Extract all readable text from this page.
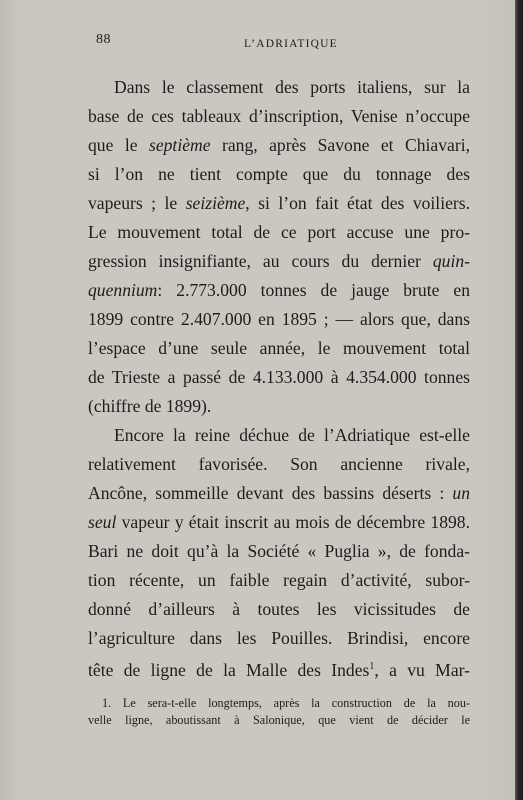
88	L’ADRIATIQUE
Dans le classement des ports italiens, sur la
base de ces tableaux d’inscription, Venise n’occupe
que le septième rang, après Savone et Chiavari,
si l’on ne tient compte que du tonnage des
vapeurs ; le seizième, si l’on fait état des voiliers.
Le mouvement total de ce port accuse une pro-
gression insignifiante, au cours du dernier quin-
quennium: 2.773.000 tonnes de jauge brute en
1899 contre 2.407.000 en 1895 ; — alors que, dans
l’espace d’une seule année, le mouvement total
de Trieste a passé de 4.133.000 à 4.354.000 tonnes
(chiffre de 1899).
Encore la reine déchue de l’Adriatique est-elle
relativement favorisée. Son ancienne rivale,
Ancône, sommeille devant des bassins déserts : un
seul vapeur y était inscrit au mois de décembre 1898.
Bari ne doit qu’à la Société « Puglia », de fonda-
tion récente, un faible regain d’activité, subor-
donné d’ailleurs à toutes les vicissitudes de
l’agriculture dans les Pouilles. Brindisi, encore
tête de ligne de la Malle des Indes$^1$, a vu Mar-
1. Le sera-t-elle longtemps, après la construction de la nou-
velle ligne, aboutissant à Salonique, que vient de décider le
